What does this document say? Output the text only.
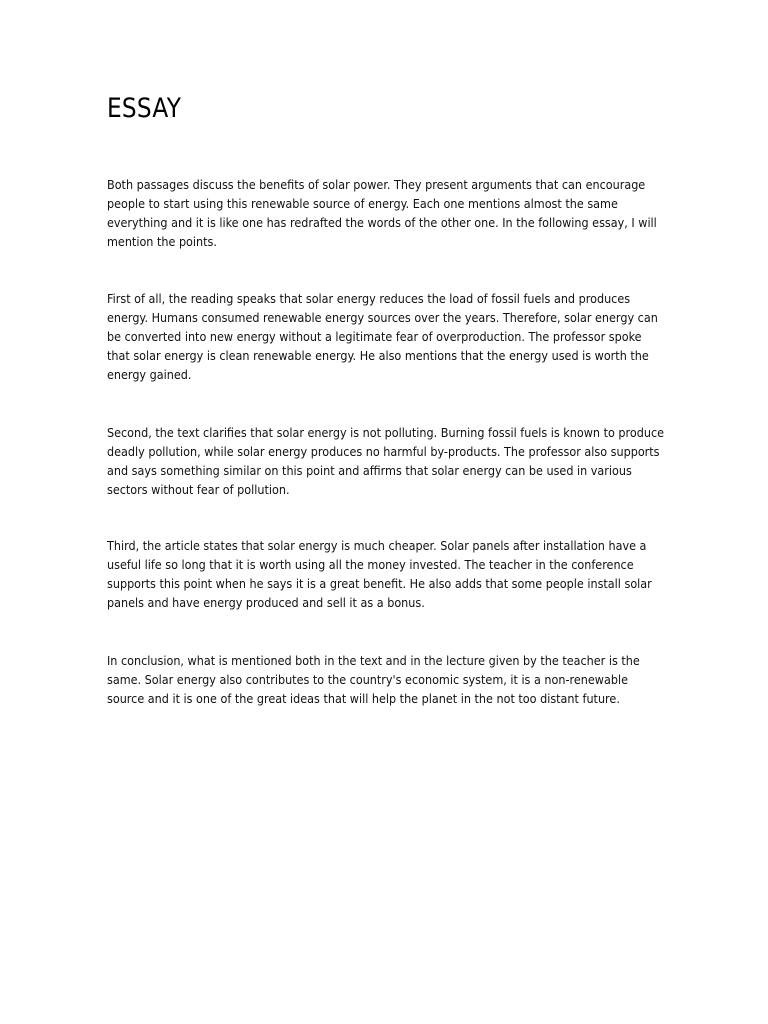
ESSAY

Both passages discuss the benefits of solar power. They present arguments that can encourage
people to start using this renewable source of energy. Each one mentions almost the same
everything and it is like one has redrafted the words of the other one. In the following essay, I will
mention the points.

First of all, the reading speaks that solar energy reduces the load of fossil fuels and produces
energy. Humans consumed renewable energy sources over the years. Therefore, solar energy can
be converted into new energy without a legitimate fear of overproduction. The professor spoke
that solar energy is clean renewable energy. He also mentions that the energy used is worth the
energy gained.

Second, the text clarifies that solar energy is not polluting. Burning fossil fuels is known to produce
deadly pollution, while solar energy produces no harmful by-products. The professor also supports
and says something similar on this point and affirms that solar energy can be used in various
sectors without fear of pollution.

Third, the article states that solar energy is much cheaper. Solar panels after installation have a
useful life so long that it is worth using all the money invested. The teacher in the conference
supports this point when he says it is a great benefit. He also adds that some people install solar
panels and have energy produced and sell it as a bonus.

In conclusion, what is mentioned both in the text and in the lecture given by the teacher is the
same. Solar energy also contributes to the country's economic system, it is a non-renewable
source and it is one of the great ideas that will help the planet in the not too distant future.
